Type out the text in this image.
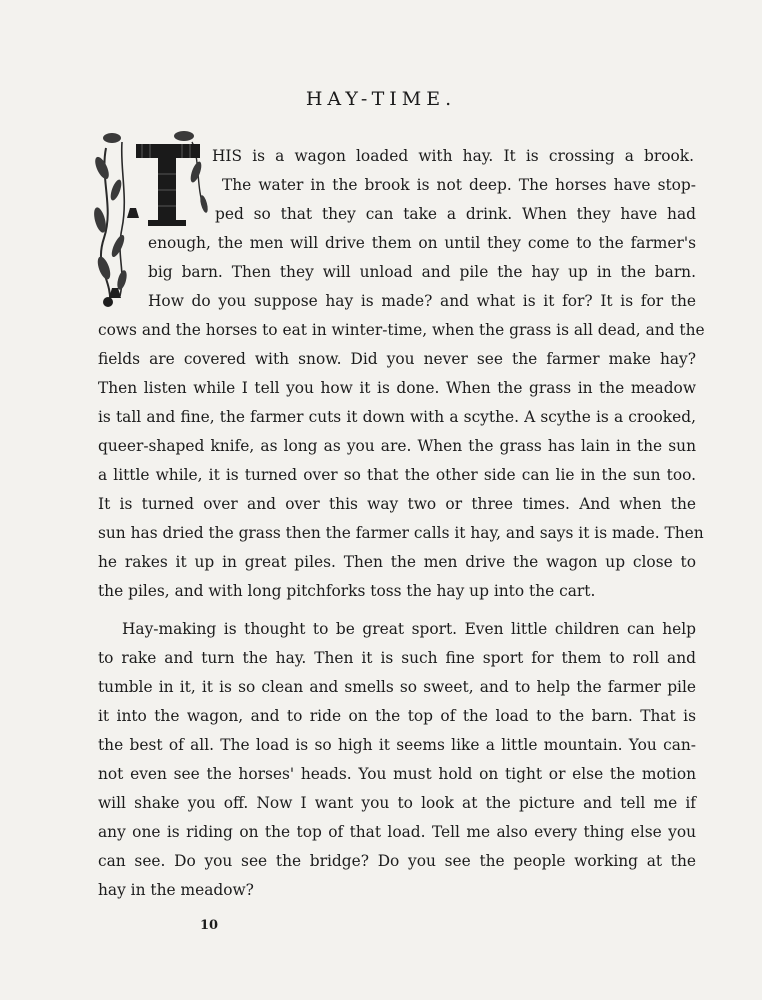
HAY-TIME.
HIS is a wagon loaded with hay. It is crossing a brook.
The water in the brook is not deep. The horses have stop-
ped so that they can take a drink. When they have had
enough, the men will drive them on until they come to the farmer's
big barn. Then they will unload and pile the hay up in the barn.
How do you suppose hay is made? and what is it for? It is for the
cows and the horses to eat in winter-time, when the grass is all dead, and the
fields are covered with snow. Did you never see the farmer make hay?
Then listen while I tell you how it is done. When the grass in the meadow
is tall and fine, the farmer cuts it down with a scythe. A scythe is a crooked,
queer-shaped knife, as long as you are. When the grass has lain in the sun
a little while, it is turned over so that the other side can lie in the sun too.
It is turned over and over this way two or three times. And when the
sun has dried the grass then the farmer calls it hay, and says it is made. Then
he rakes it up in great piles. Then the men drive the wagon up close to
the piles, and with long pitchforks toss the hay up into the cart.
Hay-making is thought to be great sport. Even little children can help
to rake and turn the hay. Then it is such fine sport for them to roll and
tumble in it, it is so clean and smells so sweet, and to help the farmer pile
it into the wagon, and to ride on the top of the load to the barn. That is
the best of all. The load is so high it seems like a little mountain. You can-
not even see the horses' heads. You must hold on tight or else the motion
will shake you off. Now I want you to look at the picture and tell me if
any one is riding on the top of that load. Tell me also every thing else you
can see. Do you see the bridge? Do you see the people working at the
hay in the meadow?
10
